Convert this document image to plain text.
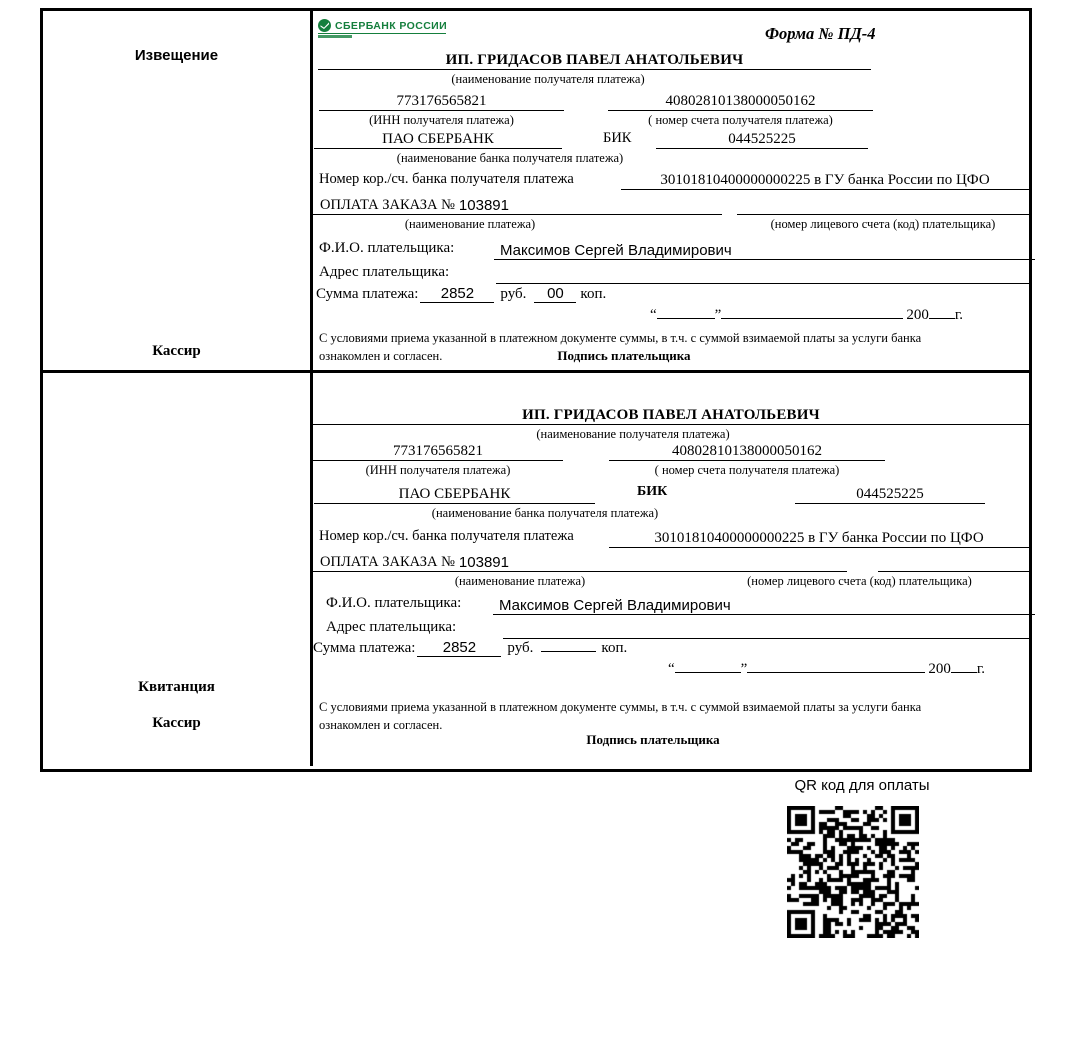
Извещение
Кассир
СБЕРБАНК РОССИИ	Форма № ПД-4
ИП. ГРИДАСОВ ПАВЕЛ АНАТОЛЬЕВИЧ
(наименование получателя платежа)
773176565821	40802810138000050162
(ИНН получателя платежа)	( номер счета получателя платежа)
ПАО СБЕРБАНК	БИК	044525225
(наименование банка получателя платежа)
Номер кор./сч. банка получателя платежа	30101810400000000225 в ГУ банка России по ЦФО
ОПЛАТА ЗАКАЗА № 103891
(наименование платежа)	(номер лицевого счета (код) плательщика)
Ф.И.О. плательщика:	Максимов Сергей Владимирович
Адрес плательщика:
Сумма платежа:	2852	руб.	00	коп.
“	”	200 г.
С условиями приема указанной в платежном документе суммы, в т.ч. с суммой взимаемой платы за услуги банка
ознакомлен и согласен.	Подпись плательщика
Квитанция
Кассир
ИП. ГРИДАСОВ ПАВЕЛ АНАТОЛЬЕВИЧ
(наименование получателя платежа)
773176565821	40802810138000050162
(ИНН получателя платежа)	( номер счета получателя платежа)
ПАО СБЕРБАНК	БИК	044525225
(наименование банка получателя платежа)
Номер кор./сч. банка получателя платежа	30101810400000000225 в ГУ банка России по ЦФО
ОПЛАТА ЗАКАЗА № 103891
(наименование платежа)	(номер лицевого счета (код) плательщика)
Ф.И.О. плательщика:	Максимов Сергей Владимирович
Адрес плательщика:
Сумма платежа:	2852	руб.	коп.
“	”	200 г.
С условиями приема указанной в платежном документе суммы, в т.ч. с суммой взимаемой платы за услуги банка
ознакомлен и согласен.
Подпись плательщика
QR код для оплаты
